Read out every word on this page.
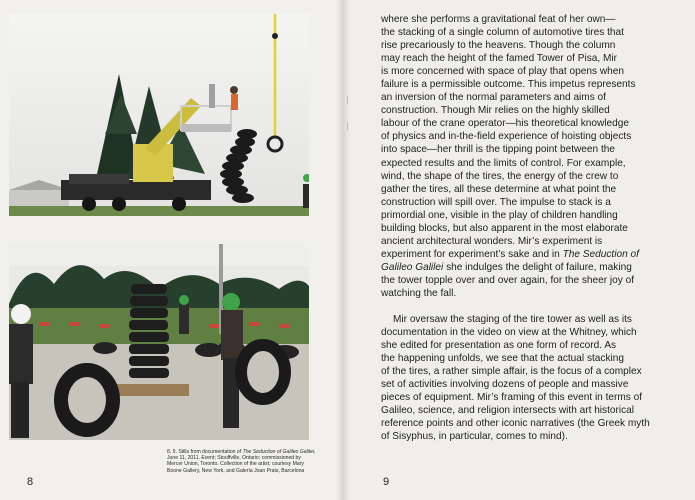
8, 9. Stills from documentation of The Seduction of Galileo Galilei, June 11, 2011. Event; Stouffville, Ontario; commissioned by Mercer Union, Toronto. Collection of the artist; courtesy Mary Boone Gallery, New York, and Galería Joan Prats, Barcelona
8
where she performs a gravitational feat of her own—
the stacking of a single column of automotive tires that
rise precariously to the heavens. Though the column
may reach the height of the famed Tower of Pisa, Mir
is more concerned with space of play that opens when
failure is a permissible outcome. This impetus represents
an inversion of the normal parameters and aims of
construction. Though Mir relies on the highly skilled
labour of the crane operator—his theoretical knowledge
of physics and in-the-field experience of hoisting objects
into space—her thrill is the tipping point between the
expected results and the limits of control. For example,
wind, the shape of the tires, the energy of the crew to
gather the tires, all these determine at what point the
construction will spill over. The impulse to stack is a
primordial one, visible in the play of children handling
building blocks, but also apparent in the most elaborate
ancient architectural wonders. Mir’s experiment is
experiment for experiment’s sake and in The Seduction of
Galileo Galilei she indulges the delight of failure, making
the tower topple over and over again, for the sheer joy of
watching the fall.
Mir oversaw the staging of the tire tower as well as its
documentation in the video on view at the Whitney, which
she edited for presentation as one form of record. As
the happening unfolds, we see that the actual stacking
of the tires, a rather simple affair, is the focus of a complex
set of activities involving dozens of people and massive
pieces of equipment. Mir’s framing of this event in terms of
Galileo, science, and religion intersects with art historical
reference points and other iconic narratives (the Greek myth
of Sisyphus, in particular, comes to mind).
9
